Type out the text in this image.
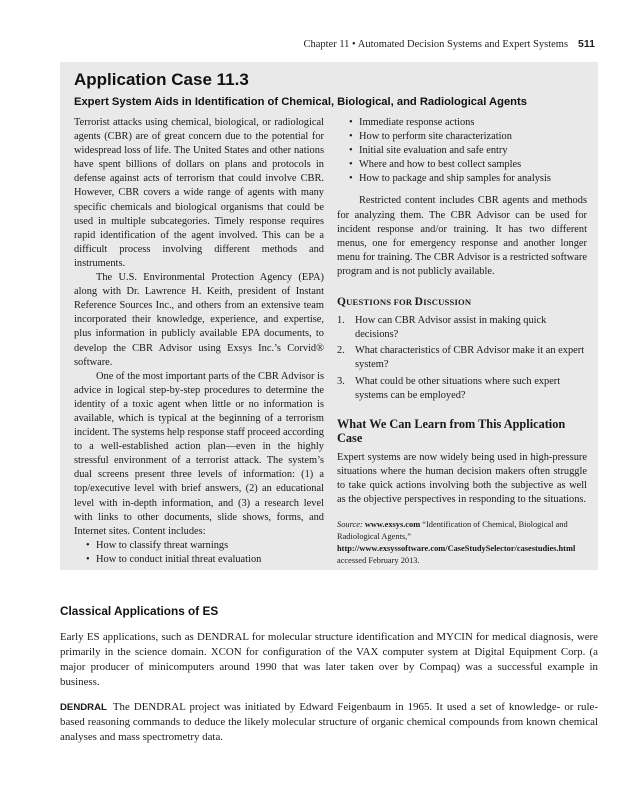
Chapter 11 • Automated Decision Systems and Expert Systems 511
Application Case 11.3
Expert System Aids in Identification of Chemical, Biological, and Radiological Agents

Terrorist attacks using chemical, biological, or radiological agents (CBR) are of great concern due to the potential for widespread loss of life. The United States and other nations have spent billions of dollars on plans and protocols in defense against acts of terrorism that could involve CBR. However, CBR covers a wide range of agents with many specific chemicals and biological organisms that could be used in multiple subcategories. Timely response requires rapid identification of the agent involved. This can be a difficult process involving different methods and instruments.

The U.S. Environmental Protection Agency (EPA) along with Dr. Lawrence H. Keith, president of Instant Reference Sources Inc., and others from an extensive team incorporated their knowledge, experience, and expertise, plus information in publicly available EPA documents, to develop the CBR Advisor using Exsys Inc.’s Corvid® software.

One of the most important parts of the CBR Advisor is advice in logical step-by-step procedures to determine the identity of a toxic agent when little or no information is available, which is typical at the beginning of a terrorism incident. The systems help response staff proceed according to a well-established action plan—even in the highly stressful environment of a terrorist attack. The system’s dual screens present three levels of information: (1) a top/executive level with brief answers, (2) an educational level with in-depth information, and (3) a research level with links to other documents, slide shows, forms, and Internet sites. Content includes:

• How to classify threat warnings
• How to conduct initial threat evaluation
• Immediate response actions
• How to perform site characterization
• Initial site evaluation and safe entry
• Where and how to best collect samples
• How to package and ship samples for analysis

Restricted content includes CBR agents and methods for analyzing them. The CBR Advisor can be used for incident response and/or training. It has two different menus, one for emergency response and another longer menu for training. The CBR Advisor is a restricted software program and is not publicly available.

QUESTIONS FOR DISCUSSION
1. How can CBR Advisor assist in making quick decisions?
2. What characteristics of CBR Advisor make it an expert system?
3. What could be other situations where such expert systems can be employed?
What We Can Learn from This Application Case

Expert systems are now widely being used in high-pressure situations where the human decision makers often struggle to take quick actions involving both the subjective as well as the objective perspectives in responding to the situations.

Source: www.exsys.com “Identification of Chemical, Biological and Radiological Agents,” http://www.exsyssoftware.com/CaseStudySelector/casestudies.html accessed February 2013.
Classical Applications of ES

Early ES applications, such as DENDRAL for molecular structure identification and MYCIN for medical diagnosis, were primarily in the science domain. XCON for configuration of the VAX computer system at Digital Equipment Corp. (a major producer of minicomputers around 1990 that was later taken over by Compaq) was a successful example in business.

DENDRAL The DENDRAL project was initiated by Edward Feigenbaum in 1965. It used a set of knowledge- or rule-based reasoning commands to deduce the likely molecular structure of organic chemical compounds from known chemical analyses and mass spectrometry data.
